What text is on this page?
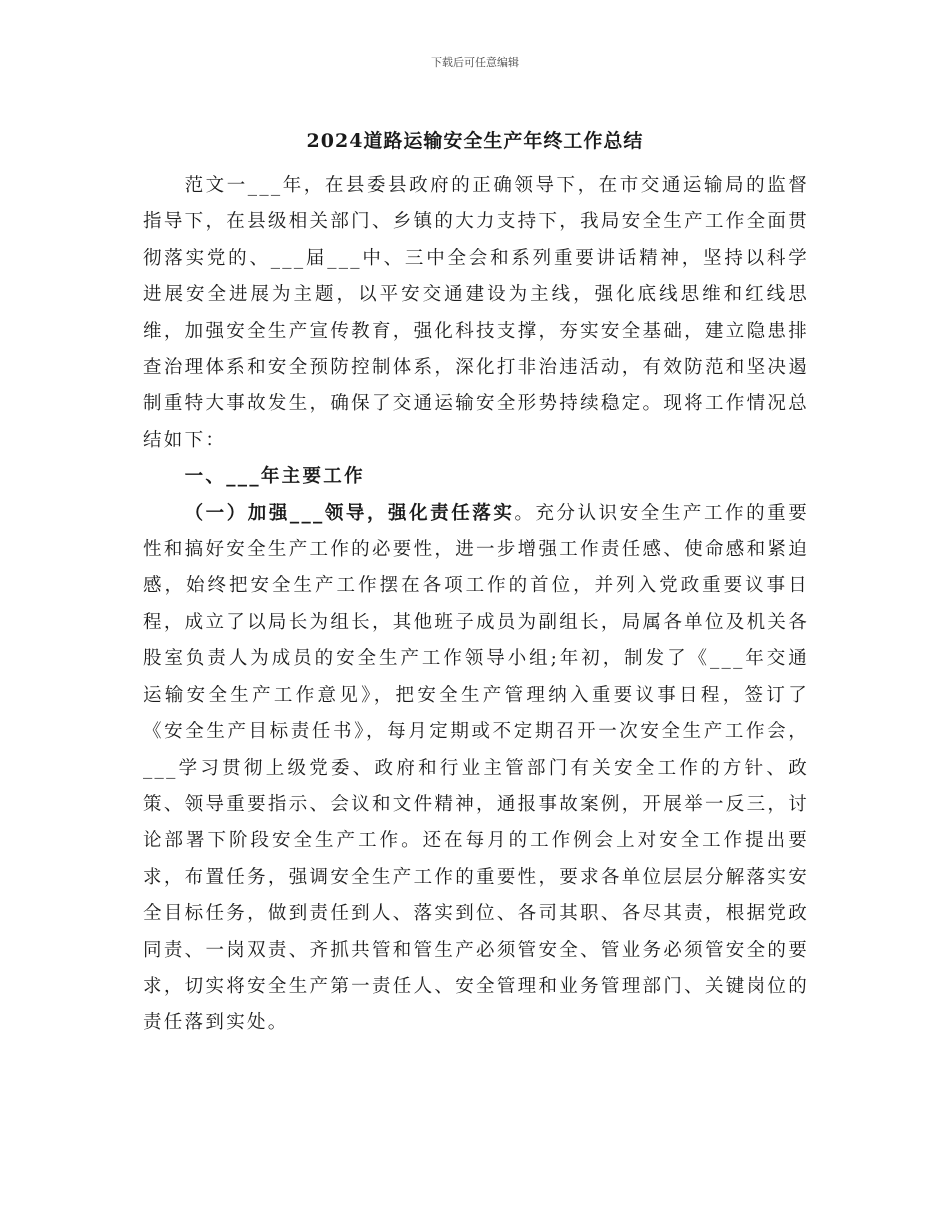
下载后可任意编辑
2024道路运输安全生产年终工作总结

范文一___年，在县委县政府的正确领导下，在市交通运输局的监督指导下，在县级相关部门、乡镇的大力支持下，我局安全生产工作全面贯彻落实党的、___届___中、三中全会和系列重要讲话精神，坚持以科学进展安全进展为主题，以平安交通建设为主线，强化底线思维和红线思维，加强安全生产宣传教育，强化科技支撑，夯实安全基础，建立隐患排查治理体系和安全预防控制体系，深化打非治违活动，有效防范和坚决遏制重特大事故发生，确保了交通运输安全形势持续稳定。现将工作情况总结如下：

一、___年主要工作

（一）加强___领导，强化责任落实。充分认识安全生产工作的重要性和搞好安全生产工作的必要性，进一步增强工作责任感、使命感和紧迫感，始终把安全生产工作摆在各项工作的首位，并列入党政重要议事日程，成立了以局长为组长，其他班子成员为副组长，局属各单位及机关各股室负责人为成员的安全生产工作领导小组;年初，制发了《___年交通运输安全生产工作意见》，把安全生产管理纳入重要议事日程，签订了《安全生产目标责任书》，每月定期或不定期召开一次安全生产工作会，___学习贯彻上级党委、政府和行业主管部门有关安全工作的方针、政策、领导重要指示、会议和文件精神，通报事故案例，开展举一反三，讨论部署下阶段安全生产工作。还在每月的工作例会上对安全工作提出要求，布置任务，强调安全生产工作的重要性，要求各单位层层分解落实安全目标任务，做到责任到人、落实到位、各司其职、各尽其责，根据党政同责、一岗双责、齐抓共管和管生产必须管安全、管业务必须管安全的要求，切实将安全生产第一责任人、安全管理和业务管理部门、关键岗位的责任落到实处。
